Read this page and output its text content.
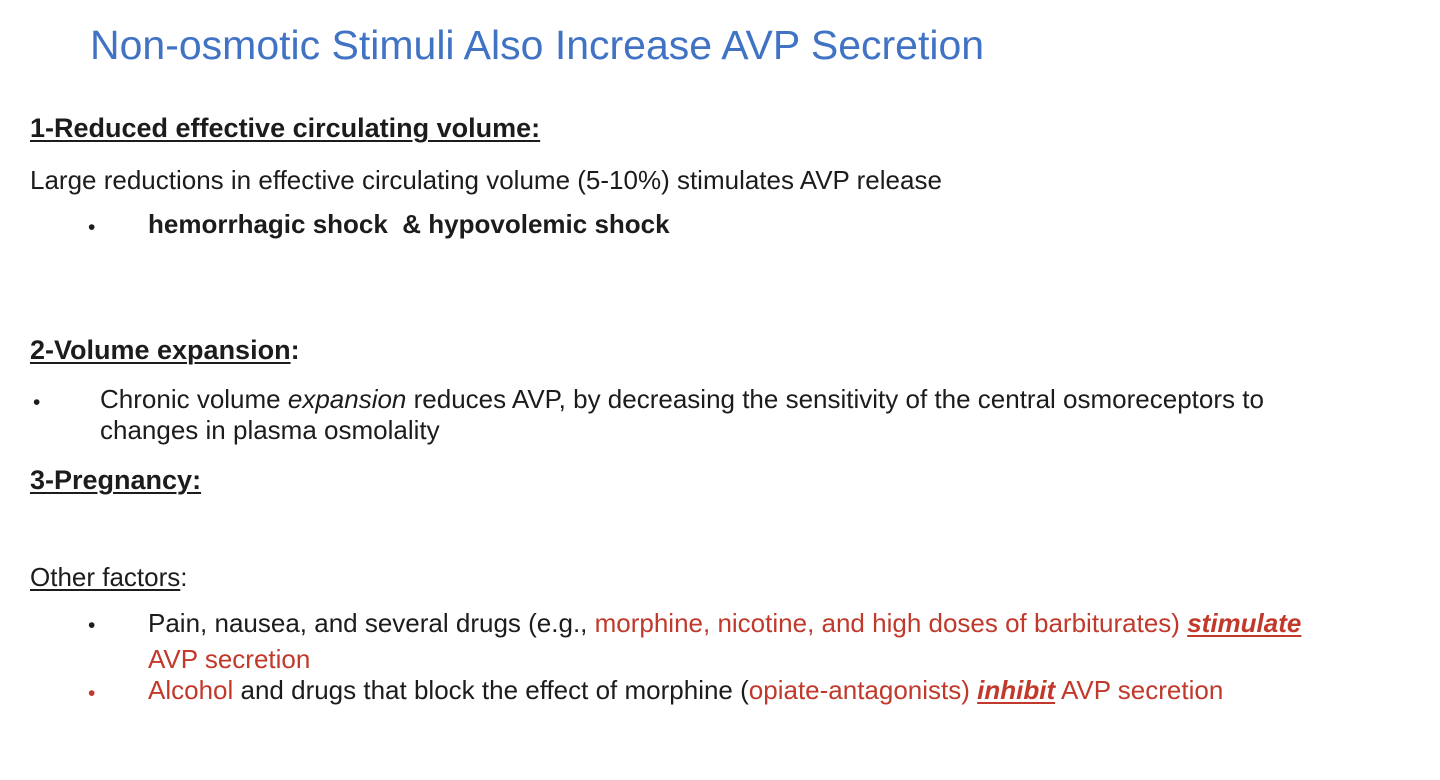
Non-osmotic Stimuli Also Increase AVP Secretion
1-Reduced effective circulating volume:
Large reductions in effective circulating volume (5-10%) stimulates AVP release
•	hemorrhagic shock  & hypovolemic shock
2-Volume expansion:
•	Chronic volume expansion reduces AVP, by decreasing the sensitivity of the central osmoreceptors to
changes in plasma osmolality
3-Pregnancy:
Other factors:
•	Pain, nausea, and several drugs (e.g., morphine, nicotine, and high doses of barbiturates) stimulate
AVP secretion
•	Alcohol and drugs that block the effect of morphine (opiate-antagonists) inhibit AVP secretion
